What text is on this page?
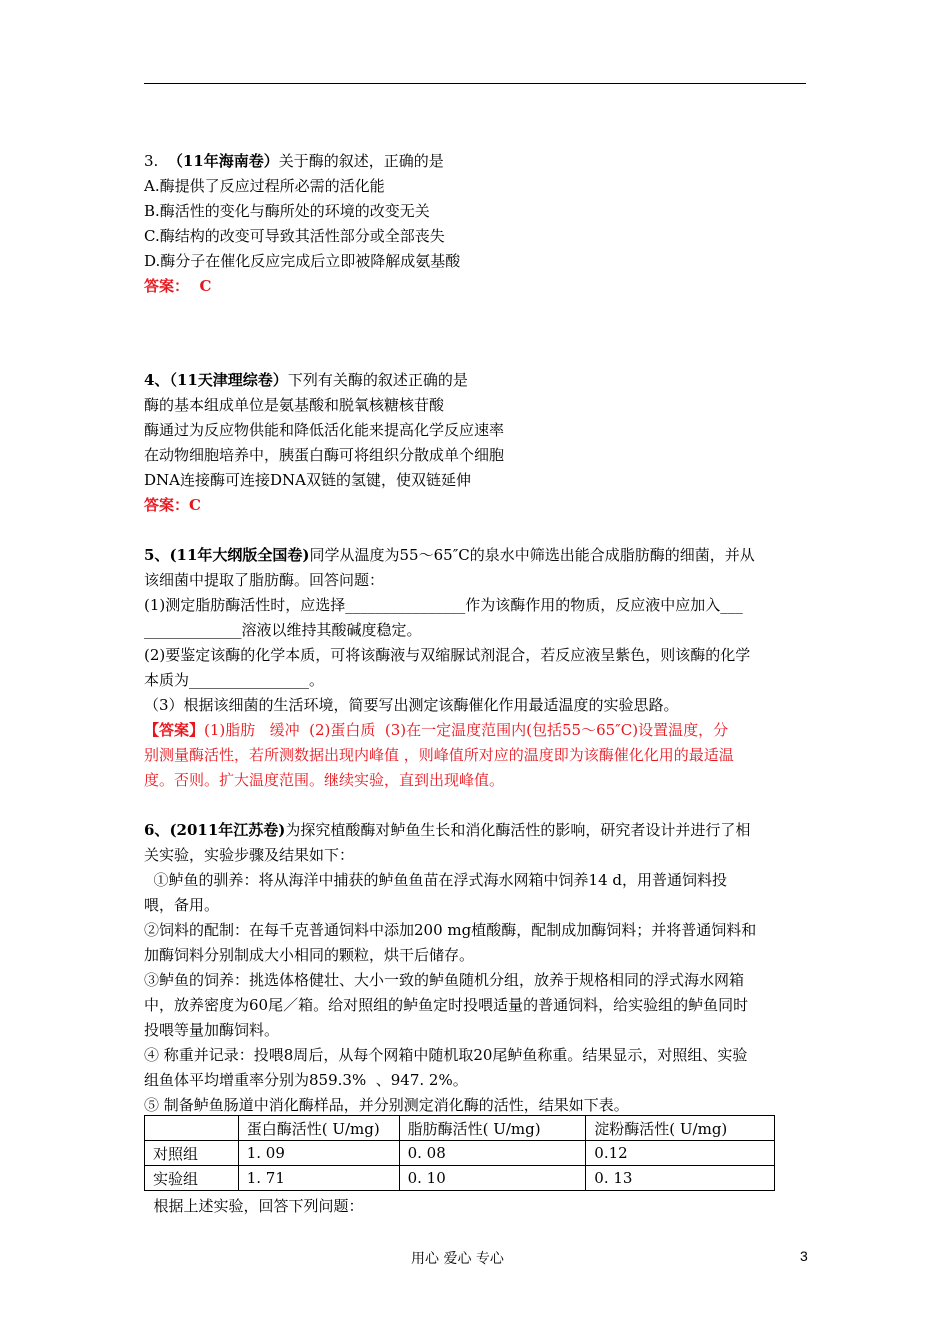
3. （11年海南卷）关于酶的叙述，正确的是
A.酶提供了反应过程所必需的活化能
B.酶活性的变化与酶所处的环境的改变无关
C.酶结构的改变可导致其活性部分或全部丧失
D.酶分子在催化反应完成后立即被降解成氨基酸
答案： C
4、（11天津理综卷）下列有关酶的叙述正确的是
酶的基本组成单位是氨基酸和脱氧核糖核苷酸
酶通过为反应物供能和降低活化能来提高化学反应速率
在动物细胞培养中，胰蛋白酶可将组织分散成单个细胞
DNA连接酶可连接DNA双链的氢键，使双链延伸
答案：C
5、(11年大纲版全国卷)同学从温度为55～65″C的泉水中筛选出能合成脂肪酶的细菌，并从
该细菌中提取了脂肪酶。回答问题：
(1)测定脂肪酶活性时，应选择________________作为该酶作用的物质，反应液中应加入___
_____________溶液以维持其酸碱度稳定。
(2)要鉴定该酶的化学本质，可将该酶液与双缩脲试剂混合，若反应液呈紫色，则该酶的化学
本质为________________。
（3）根据该细菌的生活环境，简要写出测定该酶催化作用最适温度的实验思路。
【答案】(1)脂肪   缓冲  (2)蛋白质  (3)在一定温度范围内(包括55～65″C)设置温度，分
别测量酶活性，若所测数据出现内峰值 ，则峰值所对应的温度即为该酶催化化用的最适温
度。否则。扩大温度范围。继续实验，直到出现峰值。
6、(2011年江苏卷)为探究植酸酶对鲈鱼生长和消化酶活性的影响，研究者设计并进行了相
关实验，实验步骤及结果如下：
①鲈鱼的驯养：将从海洋中捕获的鲈鱼鱼苗在浮式海水网箱中饲养14 d，用普通饲料投
喂，备用。
②饲料的配制：在每千克普通饲料中添加200 mg植酸酶，配制成加酶饲料；并将普通饲料和
加酶饲料分别制成大小相同的颗粒，烘干后储存。
③鲈鱼的饲养：挑选体格健壮、大小一致的鲈鱼随机分组，放养于规格相同的浮式海水网箱
中，放养密度为60尾／箱。给对照组的鲈鱼定时投喂适量的普通饲料，给实验组的鲈鱼同时
投喂等量加酶饲料。
④ 称重并记录：投喂8周后，从每个网箱中随机取20尾鲈鱼称重。结果显示，对照组、实验
组鱼体平均增重率分别为859.3%  、947. 2%。
⑤ 制备鲈鱼肠道中消化酶样品，并分别测定消化酶的活性，结果如下表。
	蛋白酶活性( U/mg)	脂肪酶活性( U/mg)	淀粉酶活性( U/mg)
对照组	1. 09	0. 08	0.12
实验组	1. 71	0. 10	0. 13
根据上述实验，回答下列问题：
用心 爱心 专心	3
